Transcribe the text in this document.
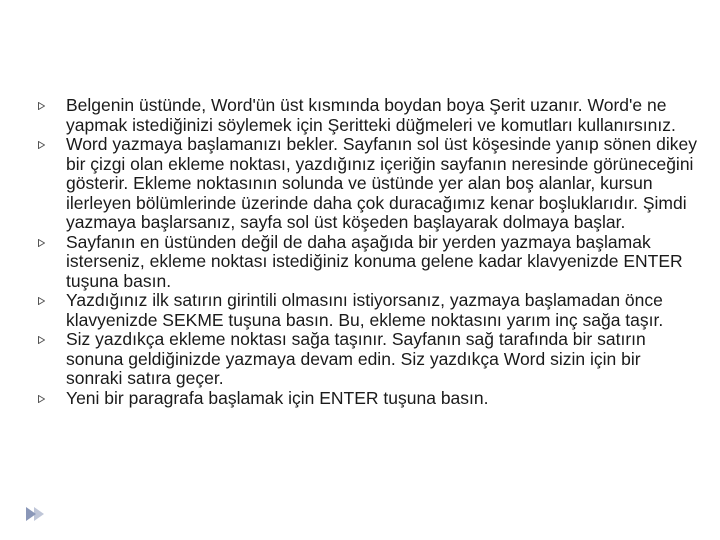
Belgenin üstünde, Word'ün üst kısmında boydan boya Şerit uzanır. Word'e ne yapmak istediğinizi söylemek için Şeritteki düğmeleri ve komutları kullanırsınız.
Word yazmaya başlamanızı bekler. Sayfanın sol üst köşesinde yanıp sönen dikey bir çizgi olan ekleme noktası, yazdığınız içeriğin sayfanın neresinde görüneceğini gösterir. Ekleme noktasının solunda ve üstünde yer alan boş alanlar, kursun ilerleyen bölümlerinde üzerinde daha çok duracağımız kenar boşluklarıdır. Şimdi yazmaya başlarsanız, sayfa sol üst köşeden başlayarak dolmaya başlar.
Sayfanın en üstünden değil de daha aşağıda bir yerden yazmaya başlamak isterseniz, ekleme noktası istediğiniz konuma gelene kadar klavyenizde ENTER tuşuna basın.
Yazdığınız ilk satırın girintili olmasını istiyorsanız, yazmaya başlamadan önce klavyenizde SEKME tuşuna basın. Bu, ekleme noktasını yarım inç sağa taşır.
Siz yazdıkça ekleme noktası sağa taşınır. Sayfanın sağ tarafında bir satırın sonuna geldiğinizde yazmaya devam edin. Siz yazdıkça Word sizin için bir sonraki satıra geçer.
Yeni bir paragrafa başlamak için ENTER tuşuna basın.
